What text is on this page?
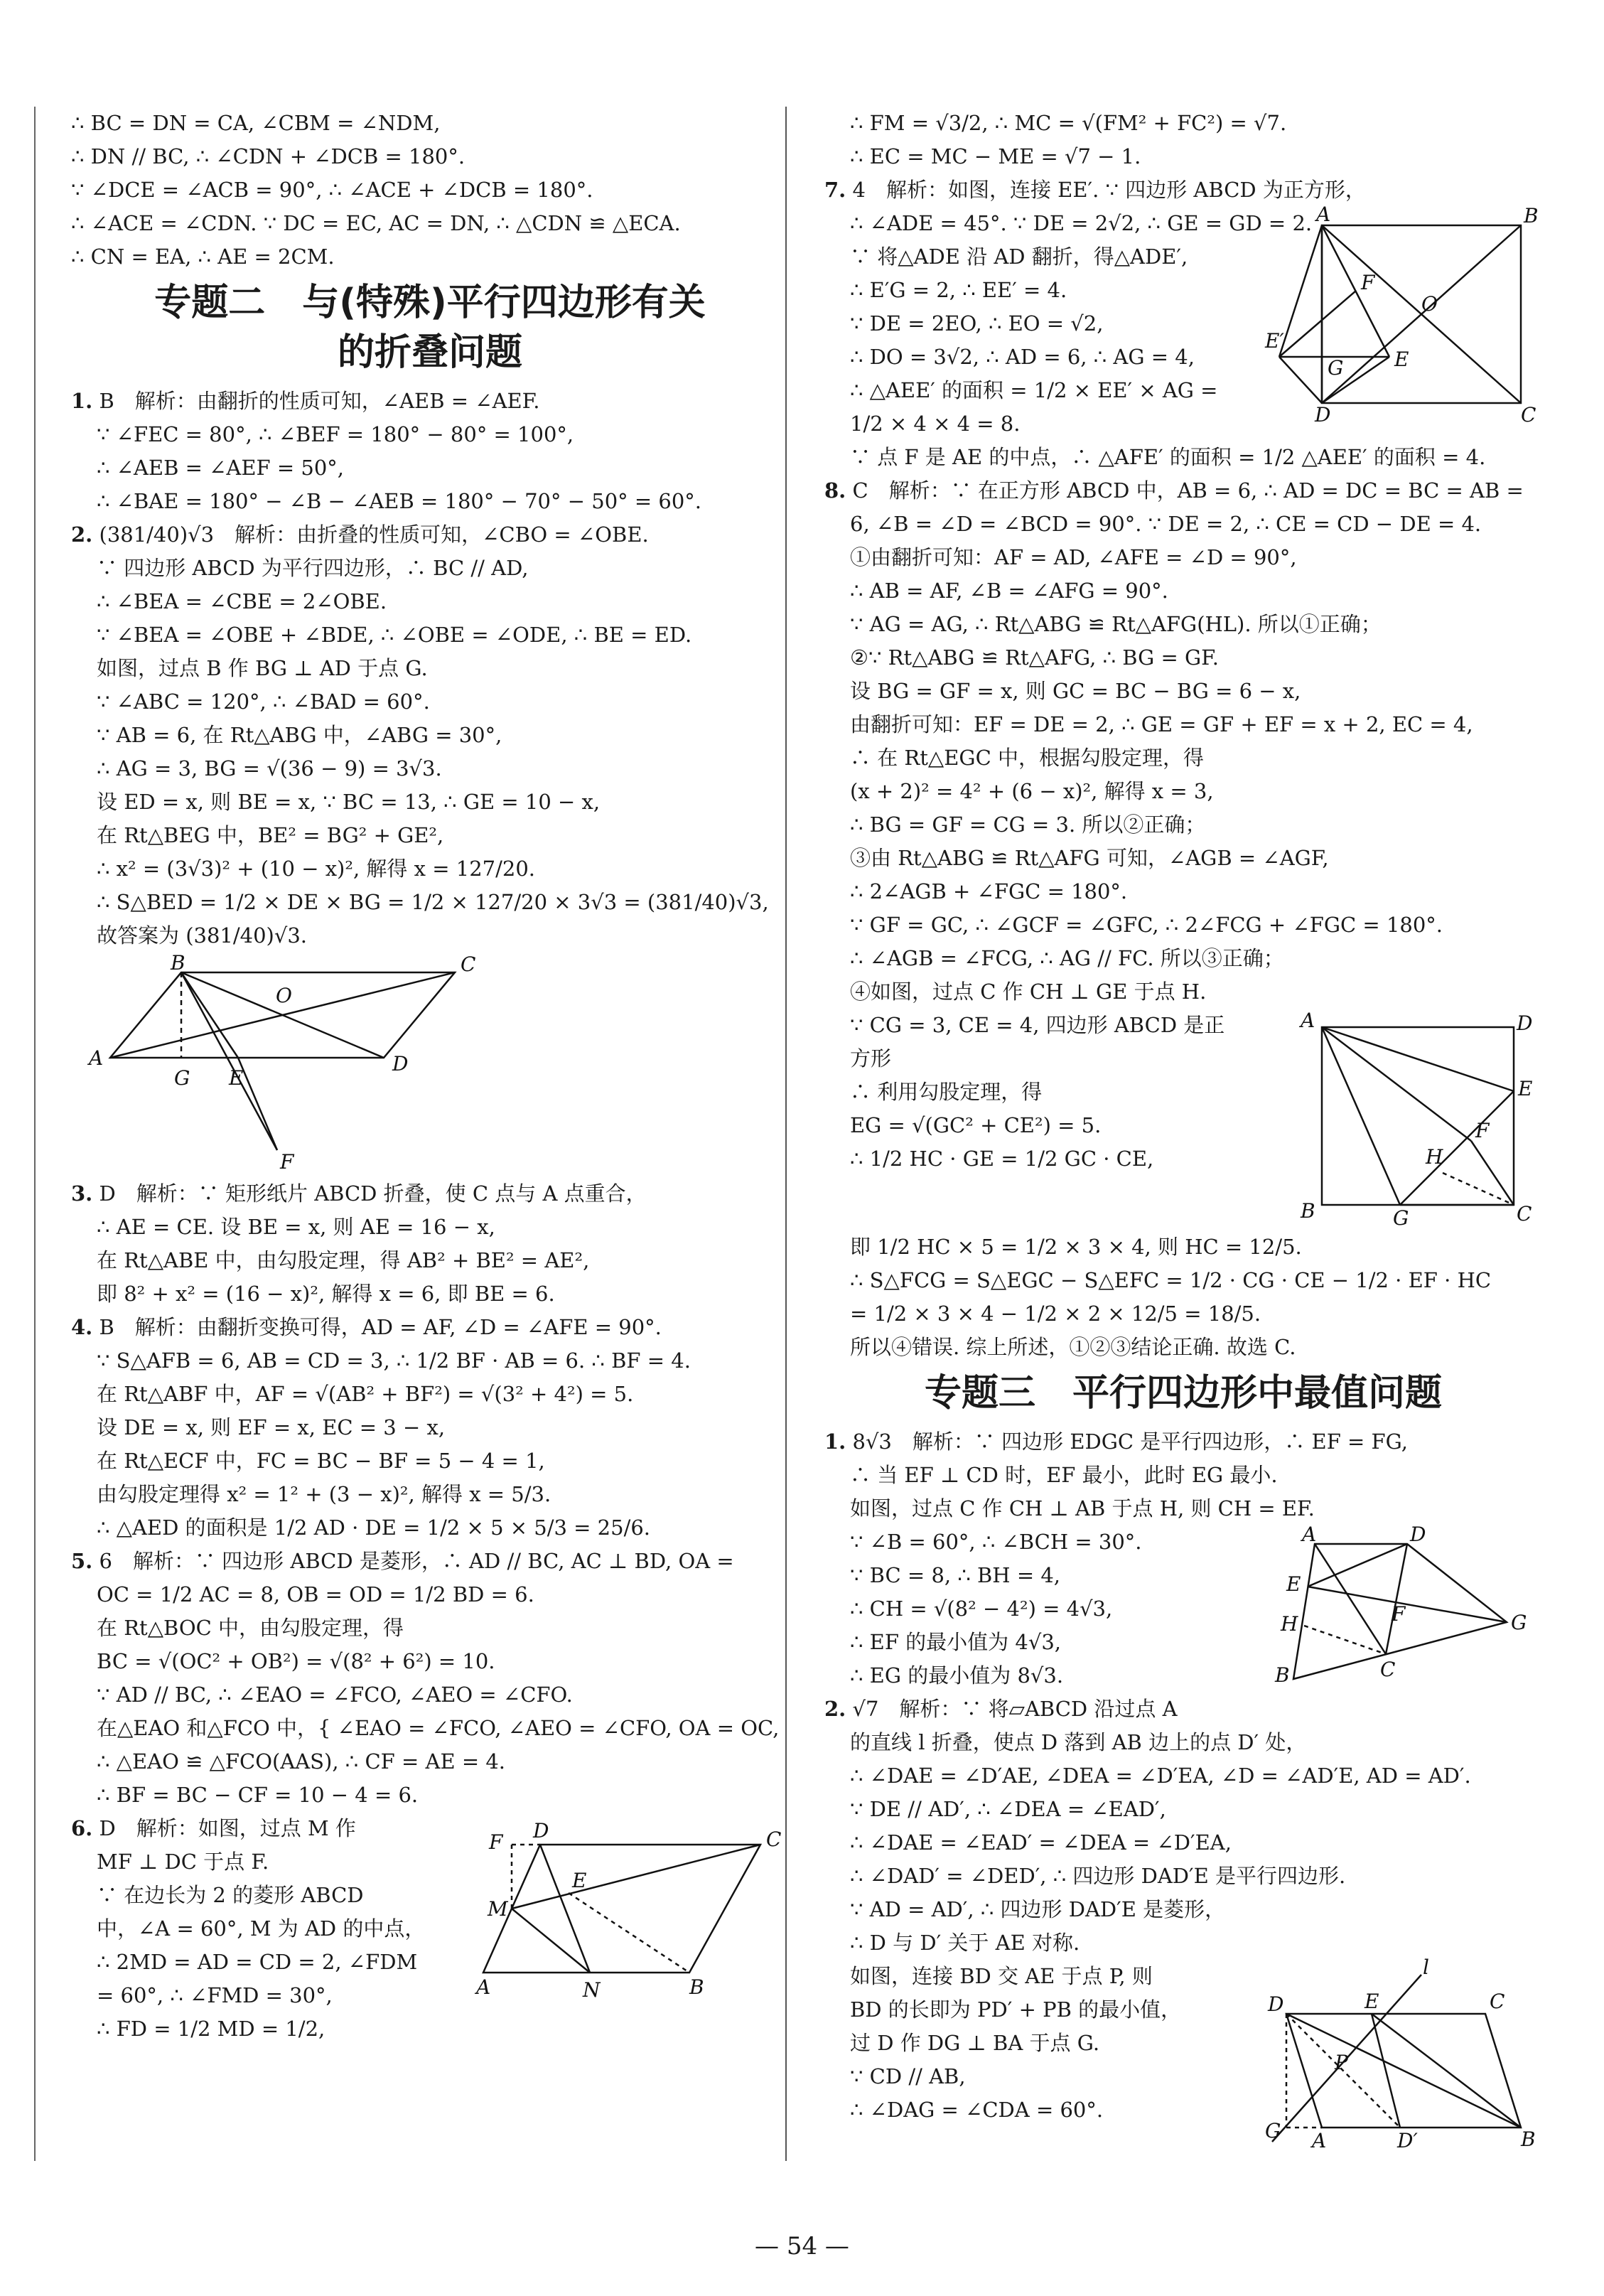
∴ BC = DN = CA, ∠CBM = ∠NDM,
∴ DN // BC, ∴ ∠CDN + ∠DCB = 180°.
∵ ∠DCE = ∠ACB = 90°, ∴ ∠ACE + ∠DCB = 180°.
∴ ∠ACE = ∠CDN. ∵ DC = EC, AC = DN, ∴ △CDN ≌ △ECA.
∴ CN = EA, ∴ AE = 2CM.
专题二　与(特殊)平行四边形有关
的折叠问题
1. B　解析：由翻折的性质可知，∠AEB = ∠AEF.
∵ ∠FEC = 80°, ∴ ∠BEF = 180° − 80° = 100°,
∴ ∠AEB = ∠AEF = 50°,
∴ ∠BAE = 180° − ∠B − ∠AEB = 180° − 70° − 50° = 60°.
2. (381/40)√3　解析：由折叠的性质可知，∠CBO = ∠OBE.
∵ 四边形 ABCD 为平行四边形，∴ BC // AD,
∴ ∠BEA = ∠CBE = 2∠OBE.
∵ ∠BEA = ∠OBE + ∠BDE, ∴ ∠OBE = ∠ODE, ∴ BE = ED.
如图，过点 B 作 BG ⊥ AD 于点 G.
∵ ∠ABC = 120°, ∴ ∠BAD = 60°.
∵ AB = 6, 在 Rt△ABG 中，∠ABG = 30°,
∴ AG = 3, BG = √(36 − 9) = 3√3.
设 ED = x, 则 BE = x, ∵ BC = 13, ∴ GE = 10 − x,
在 Rt△BEG 中，BE² = BG² + GE²,
∴ x² = (3√3)² + (10 − x)², 解得 x = 127/20.
∴ S△BED = 1/2 × DE × BG = 1/2 × 127/20 × 3√3 = (381/40)√3,
故答案为 (381/40)√3.
B	C
O
A
G E
D
F
3. D　解析：∵ 矩形纸片 ABCD 折叠，使 C 点与 A 点重合，
∴ AE = CE. 设 BE = x, 则 AE = 16 − x,
在 Rt△ABE 中，由勾股定理，得 AB² + BE² = AE²,
即 8² + x² = (16 − x)², 解得 x = 6, 即 BE = 6.
4. B　解析：由翻折变换可得，AD = AF, ∠D = ∠AFE = 90°.
∵ S△AFB = 6, AB = CD = 3, ∴ 1/2 BF · AB = 6. ∴ BF = 4.
在 Rt△ABF 中，AF = √(AB² + BF²) = √(3² + 4²) = 5.
设 DE = x, 则 EF = x, EC = 3 − x,
在 Rt△ECF 中，FC = BC − BF = 5 − 4 = 1,
由勾股定理得 x² = 1² + (3 − x)², 解得 x = 5/3.
∴ △AED 的面积是 1/2 AD · DE = 1/2 × 5 × 5/3 = 25/6.
5. 6　解析：∵ 四边形 ABCD 是菱形，∴ AD // BC, AC ⊥ BD, OA =
OC = 1/2 AC = 8, OB = OD = 1/2 BD = 6.
在 Rt△BOC 中，由勾股定理，得
BC = √(OC² + OB²) = √(8² + 6²) = 10.
∵ AD // BC, ∴ ∠EAO = ∠FCO, ∠AEO = ∠CFO.
在△EAO 和△FCO 中，{ ∠EAO = ∠FCO, ∠AEO = ∠CFO, OA = OC,
∴ △EAO ≌ △FCO(AAS), ∴ CF = AE = 4.
∴ BF = BC − CF = 10 − 4 = 6.
F D	C
E
M
A	N	B
6. D　解析：如图，过点 M 作
MF ⊥ DC 于点 F.
∵ 在边长为 2 的菱形 ABCD
中，∠A = 60°, M 为 AD 的中点，
∴ 2MD = AD = CD = 2, ∠FDM
= 60°, ∴ ∠FMD = 30°,
∴ FD = 1/2 MD = 1/2,
∴ FM = √3/2, ∴ MC = √(FM² + FC²) = √7.
∴ EC = MC − ME = √7 − 1.
7. 4　解析：如图，连接 EE′. ∵ 四边形 ABCD 为正方形，
A	B
F
O
E′
G	E
D	C
∴ ∠ADE = 45°. ∵ DE = 2√2, ∴ GE = GD = 2.
∵ 将△ADE 沿 AD 翻折，得△ADE′,
∴ E′G = 2, ∴ EE′ = 4.
∵ DE = 2EO, ∴ EO = √2,
∴ DO = 3√2, ∴ AD = 6, ∴ AG = 4,
∴ △AEE′ 的面积 = 1/2 × EE′ × AG =
1/2 × 4 × 4 = 8.
∵ 点 F 是 AE 的中点，∴ △AFE′ 的面积 = 1/2 △AEE′ 的面积 = 4.
8. C　解析：∵ 在正方形 ABCD 中，AB = 6, ∴ AD = DC = BC = AB =
6, ∠B = ∠D = ∠BCD = 90°. ∵ DE = 2, ∴ CE = CD − DE = 4.
①由翻折可知：AF = AD, ∠AFE = ∠D = 90°,
∴ AB = AF, ∠B = ∠AFG = 90°.
∵ AG = AG, ∴ Rt△ABG ≌ Rt△AFG(HL). 所以①正确；
②∵ Rt△ABG ≌ Rt△AFG, ∴ BG = GF.
设 BG = GF = x, 则 GC = BC − BG = 6 − x,
由翻折可知：EF = DE = 2, ∴ GE = GF + EF = x + 2, EC = 4,
∴ 在 Rt△EGC 中，根据勾股定理，得
(x + 2)² = 4² + (6 − x)², 解得 x = 3,
∴ BG = GF = CG = 3. 所以②正确；
③由 Rt△ABG ≌ Rt△AFG 可知，∠AGB = ∠AGF,
∴ 2∠AGB + ∠FGC = 180°.
∵ GF = GC, ∴ ∠GCF = ∠GFC, ∴ 2∠FCG + ∠FGC = 180°.
∴ ∠AGB = ∠FCG, ∴ AG // FC. 所以③正确；
④如图，过点 C 作 CH ⊥ GE 于点 H.
A	D
E
F
H
B	G	C
∵ CG = 3, CE = 4, 四边形 ABCD 是正
方形
∴ 利用勾股定理，得
EG = √(GC² + CE²) = 5.
∴ 1/2 HC · GE = 1/2 GC · CE,
即 1/2 HC × 5 = 1/2 × 3 × 4, 则 HC = 12/5.
∴ S△FCG = S△EGC − S△EFC = 1/2 · CG · CE − 1/2 · EF · HC
= 1/2 × 3 × 4 − 1/2 × 2 × 12/5 = 18/5.
所以④错误. 综上所述，①②③结论正确. 故选 C.
专题三　平行四边形中最值问题
1. 8√3　解析：∵ 四边形 EDGC 是平行四边形，∴ EF = FG,
∴ 当 EF ⊥ CD 时，EF 最小，此时 EG 最小.
如图，过点 C 作 CH ⊥ AB 于点 H, 则 CH = EF.
A	D
E
F	G
H
B	C
∵ ∠B = 60°, ∴ ∠BCH = 30°.
∵ BC = 8, ∴ BH = 4,
∴ CH = √(8² − 4²) = 4√3,
∴ EF 的最小值为 4√3,
∴ EG 的最小值为 8√3.
2. √7　解析：∵ 将▱ABCD 沿过点 A
的直线 l 折叠，使点 D 落到 AB 边上的点 D′ 处，
∴ ∠DAE = ∠D′AE, ∠DEA = ∠D′EA, ∠D = ∠AD′E, AD = AD′.
∵ DE // AD′, ∴ ∠DEA = ∠EAD′,
∴ ∠DAE = ∠EAD′ = ∠DEA = ∠D′EA,
∴ ∠DAD′ = ∠DED′, ∴ 四边形 DAD′E 是平行四边形.
∵ AD = AD′, ∴ 四边形 DAD′E 是菱形，
∴ D 与 D′ 关于 AE 对称.
l
D	E	C
P
G A	D′	B
如图，连接 BD 交 AE 于点 P, 则
BD 的长即为 PD′ + PB 的最小值，
过 D 作 DG ⊥ BA 于点 G.
∵ CD // AB,
∴ ∠DAG = ∠CDA = 60°.
— 54 —
